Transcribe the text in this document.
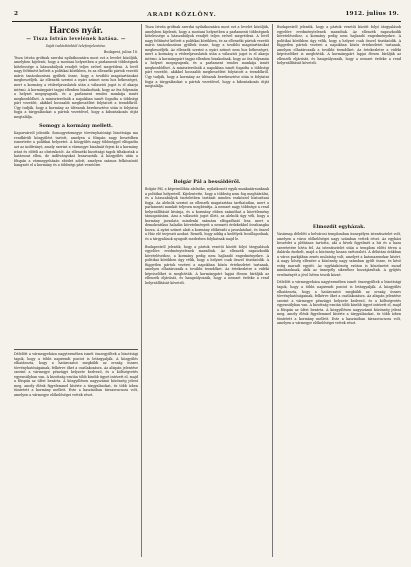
2	ARADI KÖZLÖNY.	1912. julius 19.
Harcos nyár.
— Tisza István levelének hatása. —
Saját tudósítónktól telefonjelentése.
Budapest, julius 18.
Tisza István grófnak szerdai nyilatkozatára most ezt a levelet közöljük, amelyben kijelenti, hogy a mostani helyzetben a parlamenti többségnek kötelessége a házszabályok rendjét teljes erővel megvédeni. A levél nagy feltűnést keltett a politikai körökben, és az ellenzéki pártok vezetői máris tanácskozásra gyűltek össze, hogy a további magatartásukat megbeszéljék. Az ellenzék szerint a nyári szünet nem hoz békességet, mert a kormány a véderőjavaslatok után a választói jogot is el akarja intézni. A kormánypárt tagjai ellenben bizakodnak, hogy az ősz folyamán a helyzet megnyugszik, és a parlament rendes munkája ismét megkezdődhet. A miniszterelnök a napokban ismét fogadta a többségi párt vezetőit, akikkel hosszabb megbeszélést folytatott a teendőkről. Úgy tudják, hogy a kormány az ülésszak berekesztése után is folytatni fogja a tárgyalásokat a pártok vezetőivel, hogy a kibontakozás útját megtalálja.
Somogy a kormány mellett.
Kaposvárról jelentik: Somogyvármegye törvényhatósági bizottsága ma rendkívüli közgyűlést tartott, amelyen a főispán nagy beszédben ismertette a politikai helyzetet. A közgyűlés nagy többséggel elfogadta azt az indítványt, amely szerint a vármegye bizalmát fejezi ki a kormány iránt és elítéli az obstrukciót. Az ellenzéki bizottsági tagok tiltakoztak a határozat ellen, de indítványukat leszavazták. A közgyűlés után a főispán a vármegyeházán ebédet adott, amelyen számos felköszöntő hangzott el a kormány és a többségi párt vezetőire.
Délelőtt a vármegyeháza nagytermében ismét összegyűltek a bizottsági tagok, hogy a többi napirendi pontot is letárgyalják. A közgyűlés elhatározta, hogy a határozatot megküldi az ország összes törvényhatóságainak, felkérve őket a csatlakozásra. Az alispán jelentése szerint a vármegye pénzügyi helyzete kedvező, és a költségvetés egyensúlyban van. A bizottság ezután több kisebb ügyet intézett el, majd a főispán az ülést bezárta. A közgyűlésen nagyszámú közönség jelent meg, amely élénk figyelemmel kísérte a tárgyalásokat, és több ízben tüntetett a kormány mellett. Este a kaszinóban társasvacsora volt, amelyen a vármegye előkelőségei vettek részt.
Tisza István grófnak szerdai nyilatkozatára most ezt a levelet közöljük, amelyben kijelenti, hogy a mostani helyzetben a parlamenti többségnek kötelessége a házszabályok rendjét teljes erővel megvédeni. A levél nagy feltűnést keltett a politikai körökben, és az ellenzéki pártok vezetői máris tanácskozásra gyűltek össze, hogy a további magatartásukat megbeszéljék. Az ellenzék szerint a nyári szünet nem hoz békességet, mert a kormány a véderőjavaslatok után a választói jogot is el akarja intézni. A kormánypárt tagjai ellenben bizakodnak, hogy az ősz folyamán a helyzet megnyugszik, és a parlament rendes munkája ismét megkezdődhet. A miniszterelnök a napokban ismét fogadta a többségi párt vezetőit, akikkel hosszabb megbeszélést folytatott a teendőkről. Úgy tudják, hogy a kormány az ülésszak berekesztése után is folytatni fogja a tárgyalásokat a pártok vezetőivel, hogy a kibontakozás útját megtalálja.
Bolgár Pál a bessáldéről.
Bolgár Pál, a képviselőház alelnöke, nyilatkozott egyik munkatársunknak a politikai helyzetről. Kijelentette, hogy a többség nem fog meghátrálni, és a házszabályok tiszteletben tartását minden eszközzel biztosítani fogja. Az alelnök szerint az ellenzék magatartása tarthatatlan, mert a parlamenti munkát teljesen megbénítja. A nemzet nagy többsége a rend helyreállítását kívánja, és a kormány ebben számíthat a közvélemény támogatására. Ami a választói jogot illeti, az alelnök úgy véli, hogy a kormány javaslata mindenki számára elfogadható lesz, mert a demokratikus haladás követelményeit a nemzeti érdekekkel összhangba hozza. A nyári szünet alatt a kormány előkészíti a javaslatokat, és ősszel a Ház elé terjeszti azokat. Reméli, hogy addig a kedélyek lecsillapodnak, és a tárgyalások nyugodt mederben folyhatnak majd le.
Budapestről jelentik, hogy a pártok vezetői között folyó tárgyalások egyelőre eredménytelenek maradtak. Az ellenzék ragaszkodik követeléseihez, a kormány pedig nem hajlandó engedményekre. A politikai körökben úgy vélik, hogy a helyzet csak ősszel tisztázódik. A független pártok vezérei a napokban közös értekezletet tartanak, amelyen elhatározzák a további teendőket. Az értekezletre a vidéki képviselőket is meghívták. A kormánypárt lapjai élesen bírálják az ellenzék eljárását, és hangsúlyozzák, hogy a nemzet érdeke a rend helyreállítását követeli.
Budapestről jelentik, hogy a pártok vezetői között folyó tárgyalások egyelőre eredménytelenek maradtak. Az ellenzék ragaszkodik követeléseihez, a kormány pedig nem hajlandó engedményekre. A politikai körökben úgy vélik, hogy a helyzet csak ősszel tisztázódik. A független pártok vezérei a napokban közös értekezletet tartanak, amelyen elhatározzák a további teendőket. Az értekezletre a vidéki képviselőket is meghívták. A kormánypárt lapjai élesen bírálják az ellenzék eljárását, és hangsúlyozzák, hogy a nemzet érdeke a rend helyreállítását követeli.
Elmozdít egyházak.
Vasárnap délelőtt a belvárosi templomban ünnepélyes istentisztelet volt, amelyen a város előkelőségei nagy számban vettek részt. Az egyházi beszédet a plébános tartotta, aki a hívek figyelmét a hit és a haza szeretetére hívta fel. Az istentisztelet után a templom előtti téren a dalárda énekelt, majd a közönség lassan szétoszlott. A délutáni órákban a város parkjában zenés mulatság volt, amelyet a katonazenekar kísért. A nagy hőség ellenére a közönség nagy számban gyűlt össze, és késő estig maradt együtt. Az egyházközség ezúton is köszönetet mond mindazoknak, akik az ünnepély sikeréhez hozzájárultak. A gyűjtés eredményét a jövő héten teszik közzé.
Délelőtt a vármegyeháza nagytermében ismét összegyűltek a bizottsági tagok, hogy a többi napirendi pontot is letárgyalják. A közgyűlés elhatározta, hogy a határozatot megküldi az ország összes törvényhatóságainak, felkérve őket a csatlakozásra. Az alispán jelentése szerint a vármegye pénzügyi helyzete kedvező, és a költségvetés egyensúlyban van. A bizottság ezután több kisebb ügyet intézett el, majd a főispán az ülést bezárta. A közgyűlésen nagyszámú közönség jelent meg, amely élénk figyelemmel kísérte a tárgyalásokat, és több ízben tüntetett a kormány mellett. Este a kaszinóban társasvacsora volt, amelyen a vármegye előkelőségei vettek részt.
